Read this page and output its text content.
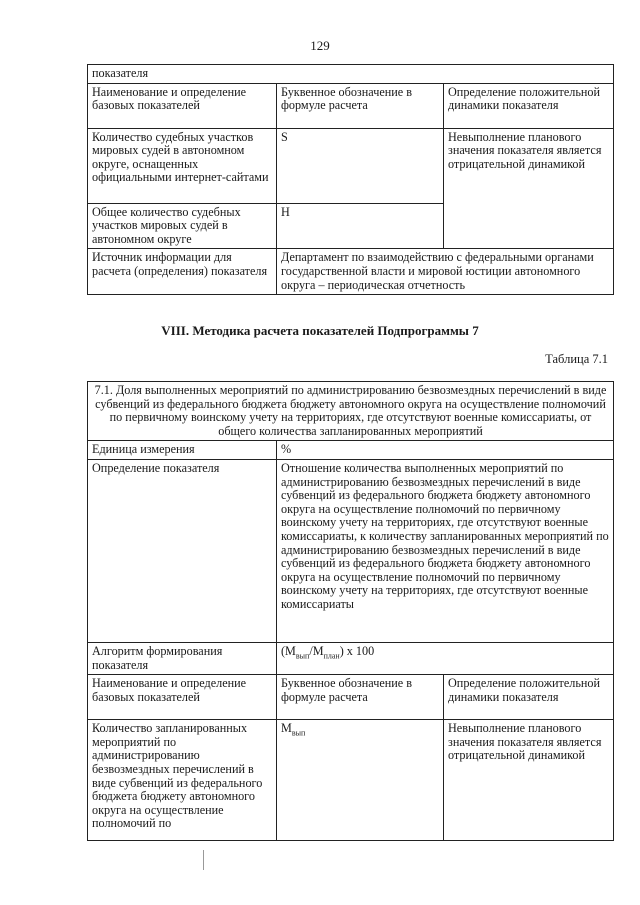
129
показателя		
Наименование и определение базовых показателей	Буквенное обозначение в формуле расчета	Определение положительной динамики показателя
Количество судебных участков мировых судей в автономном округе, оснащенных официальными интернет-сайтами	S	Невыполнение планового значения показателя является отрицательной динамикой
Общее количество судебных участков мировых судей в автономном округе	Н	
Источник информации для расчета (определения) показателя	Департамент по взаимодействию с федеральными органами государственной власти и мировой юстиции автономного округа – периодическая отчетность	
VIII. Методика расчета показателей Подпрограммы 7
Таблица 7.1
7.1. Доля выполненных мероприятий по администрированию безвозмездных перечислений в виде субвенций из федерального бюджета бюджету автономного округа на осуществление полномочий по первичному воинскому учету на территориях, где отсутствуют военные комиссариаты, от общего количества запланированных мероприятий		
Единица измерения	%	
Определение показателя	Отношение количества выполненных мероприятий по администрированию безвозмездных перечислений в виде субвенций из федерального бюджета бюджету автономного округа на осуществление полномочий по первичному воинскому учету на территориях, где отсутствуют военные комиссариаты, к количеству запланированных мероприятий по администрированию безвозмездных перечислений в виде субвенций из федерального бюджета бюджету автономного округа на осуществление полномочий по первичному воинскому учету на территориях, где отсутствуют военные комиссариаты	
Алгоритм формирования показателя	$(М_{вып}/М_{план})$ x 100	
Наименование и определение базовых показателей	Буквенное обозначение в формуле расчета	Определение положительной динамики показателя
Количество запланированных мероприятий по администрированию безвозмездных перечислений в виде субвенций из федерального бюджета бюджету автономного округа на осуществление полномочий по	$М_{вып}$	Невыполнение планового значения показателя является отрицательной динамикой
